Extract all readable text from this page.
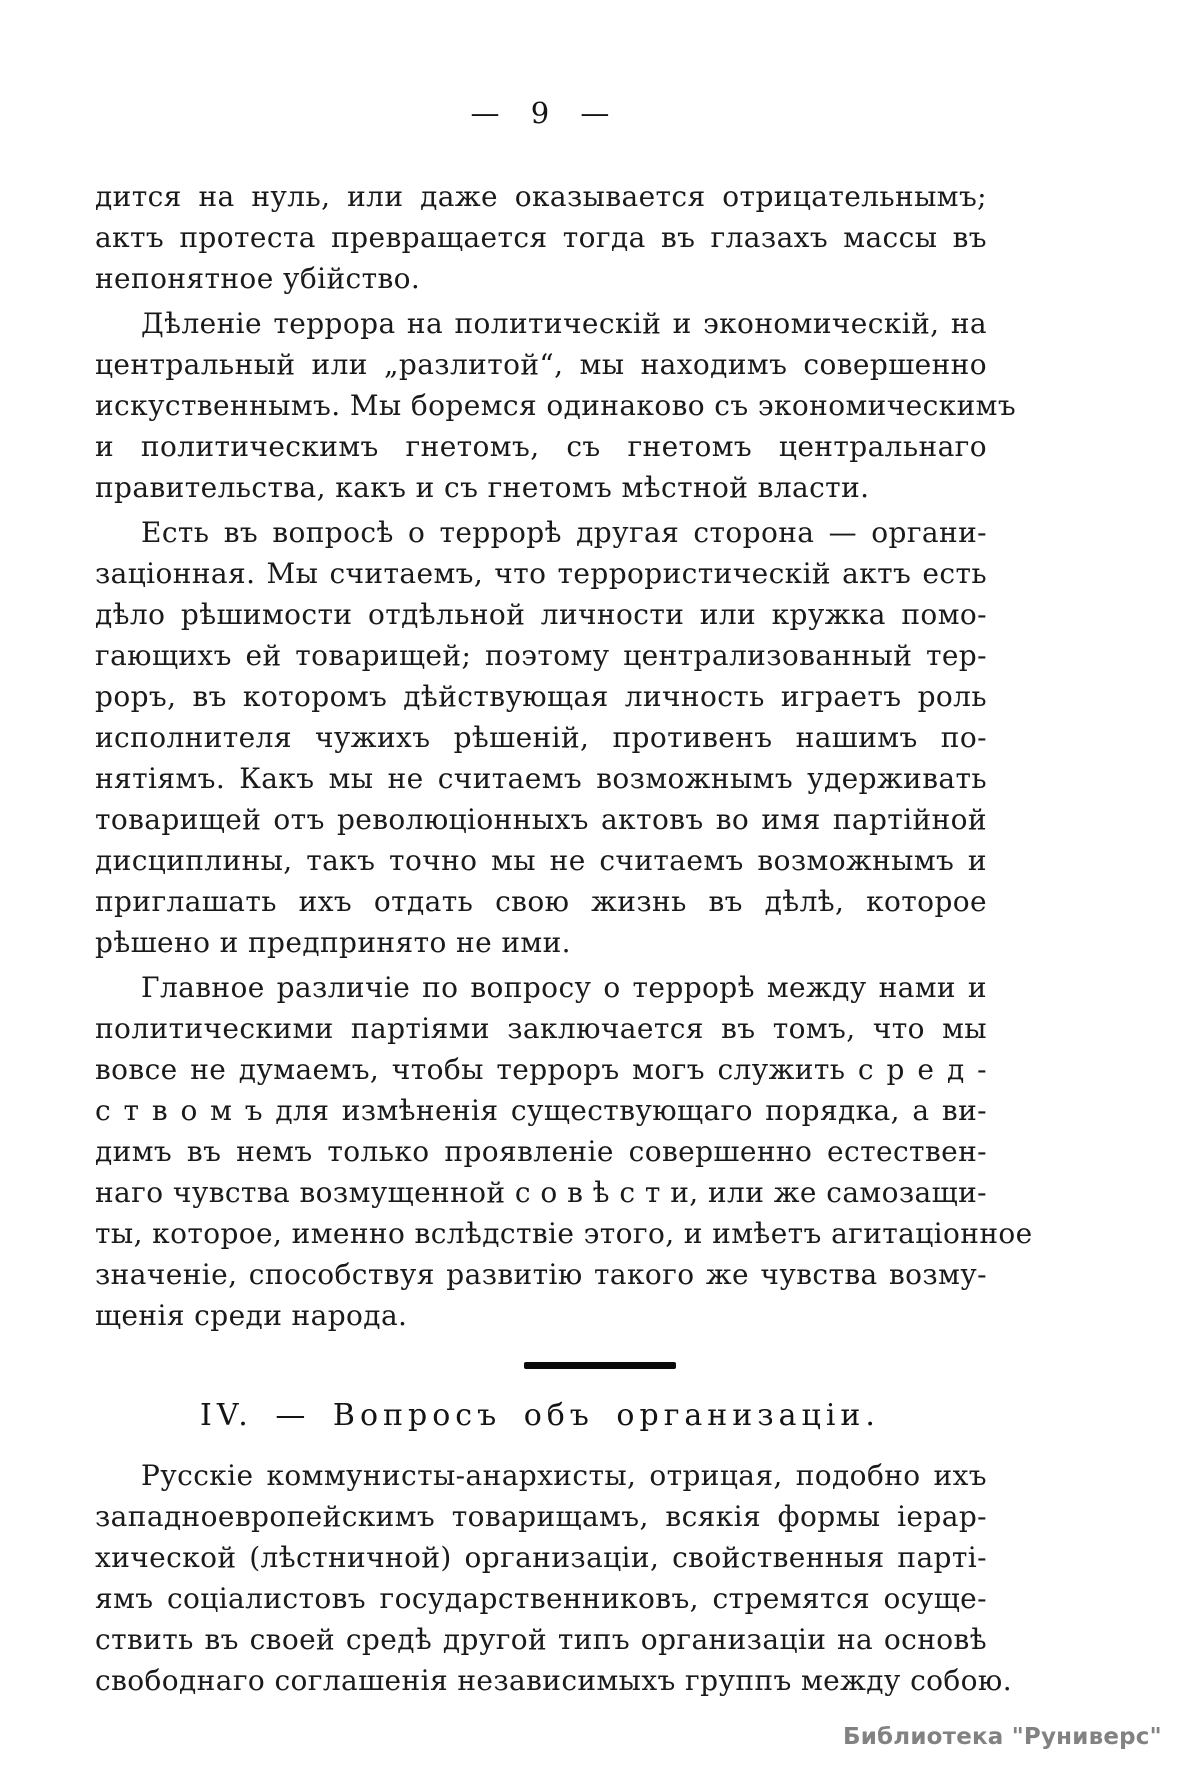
— 9 —
дится на нуль, или даже оказывается отрицательнымъ;
актъ протеста превращается тогда въ глазахъ массы въ
непонятное убійство.
Дѣленіе террора на политическій и экономическій, на
центральный или „разлитой“, мы находимъ совершенно
искуственнымъ. Мы боремся одинаково съ экономическимъ
и политическимъ гнетомъ, съ гнетомъ центральнаго
правительства, какъ и съ гнетомъ мѣстной власти.
Есть въ вопросѣ о террорѣ другая сторона — органи-
заціонная. Мы считаемъ, что террористическій актъ есть
дѣло рѣшимости отдѣльной личности или кружка помо-
гающихъ ей товарищей; поэтому централизованный тер-
роръ, въ которомъ дѣйствующая личность играетъ роль
исполнителя чужихъ рѣшеній, противенъ нашимъ по-
нятіямъ. Какъ мы не считаемъ возможнымъ удерживать
товарищей отъ революціонныхъ актовъ во имя партійной
дисциплины, такъ точно мы не считаемъ возможнымъ и
приглашать ихъ отдать свою жизнь въ дѣлѣ, которое
рѣшено и предпринято не ими.
Главное различіе по вопросу о террорѣ между нами и
политическими партіями заключается въ томъ, что мы
вовсе не думаемъ, чтобы терроръ могъ служить с р е д -
с т в о м ъ для измѣненія существующаго порядка, а ви-
димъ въ немъ только проявленіе совершенно естествен-
наго чувства возмущенной с о в ѣ с т и, или же самозащи-
ты, которое, именно вслѣдствіе этого, и имѣетъ агитаціонное
значеніе, способствуя развитію такого же чувства возму-
щенія среди народа.
IV. — Вопросъ объ организаціи.
Русскіе коммунисты-анархисты, отрицая, подобно ихъ
западноевропейскимъ товарищамъ, всякія формы іерар-
хической (лѣстничной) организаціи, свойственныя парті-
ямъ соціалистовъ государственниковъ, стремятся осуще-
ствить въ своей средѣ другой типъ организаціи на основѣ
свободнаго соглашенія независимыхъ группъ между собою.
Библиотека "Руниверс"
